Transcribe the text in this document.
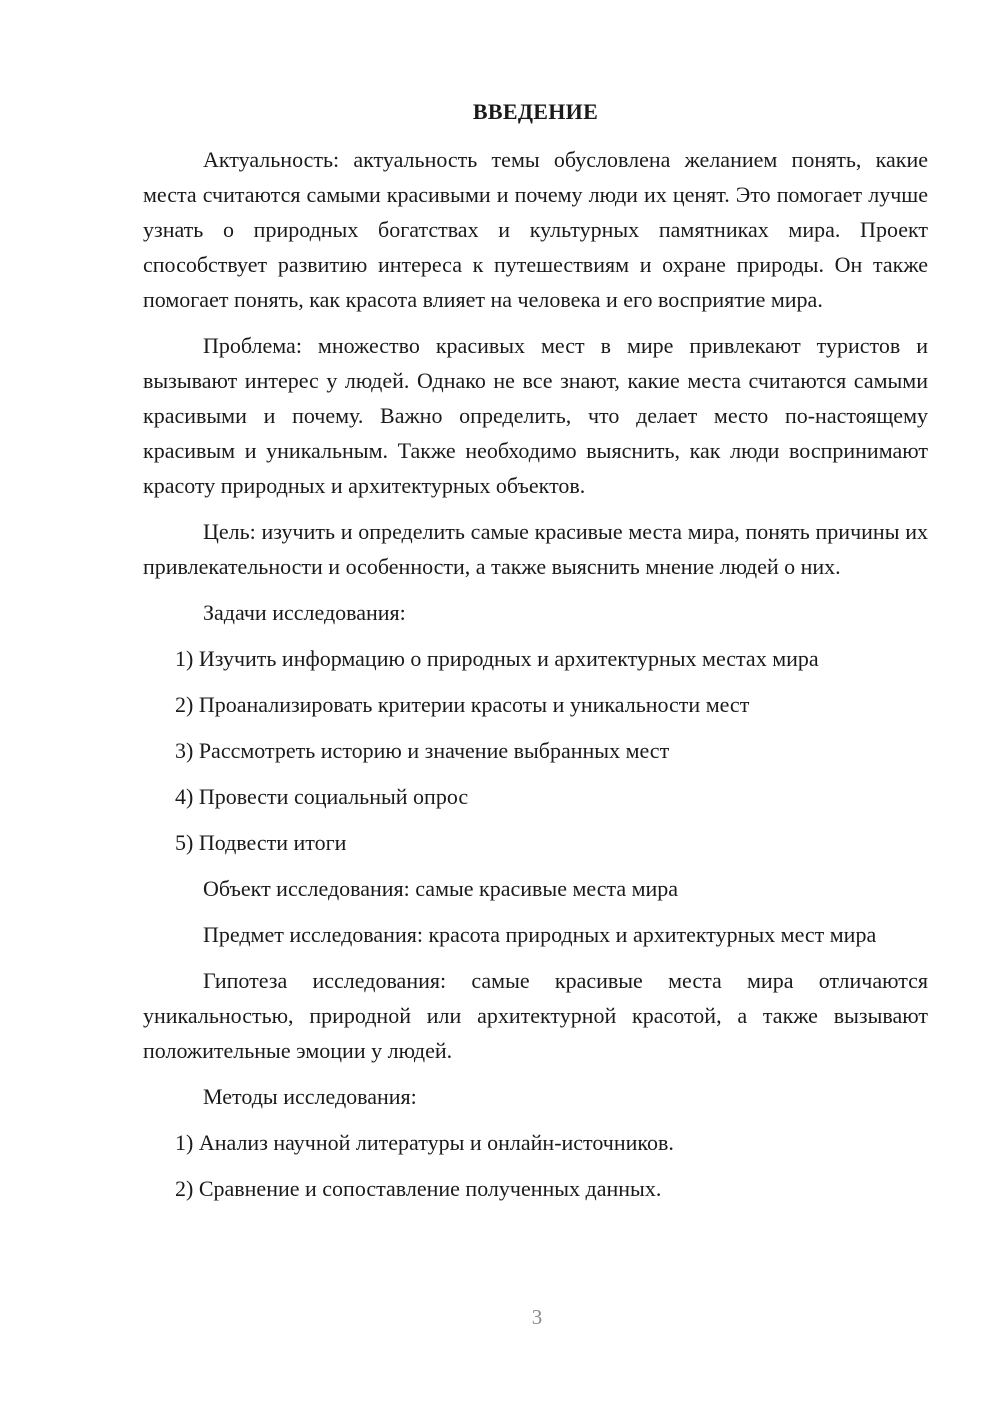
ВВЕДЕНИЕ

Актуальность: актуальность темы обусловлена желанием понять, какие места считаются самыми красивыми и почему люди их ценят. Это помогает лучше узнать о природных богатствах и культурных памятниках мира. Проект способствует развитию интереса к путешествиям и охране природы. Он также помогает понять, как красота влияет на человека и его восприятие мира.

Проблема: множество красивых мест в мире привлекают туристов и вызывают интерес у людей. Однако не все знают, какие места считаются самыми красивыми и почему. Важно определить, что делает место по-настоящему красивым и уникальным. Также необходимо выяснить, как люди воспринимают красоту природных и архитектурных объектов.

Цель: изучить и определить самые красивые места мира, понять причины их привлекательности и особенности, а также выяснить мнение людей о них.

Задачи исследования:
1) Изучить информацию о природных и архитектурных местах мира
2) Проанализировать критерии красоты и уникальности мест
3) Рассмотреть историю и значение выбранных мест
4) Провести социальный опрос
5) Подвести итоги
Объект исследования: самые красивые места мира

Предмет исследования: красота природных и архитектурных мест мира

Гипотеза исследования: самые красивые места мира отличаются уникальностью, природной или архитектурной красотой, а также вызывают положительные эмоции у людей.

Методы исследования:
1) Анализ научной литературы и онлайн-источников.
2) Сравнение и сопоставление полученных данных.
3
